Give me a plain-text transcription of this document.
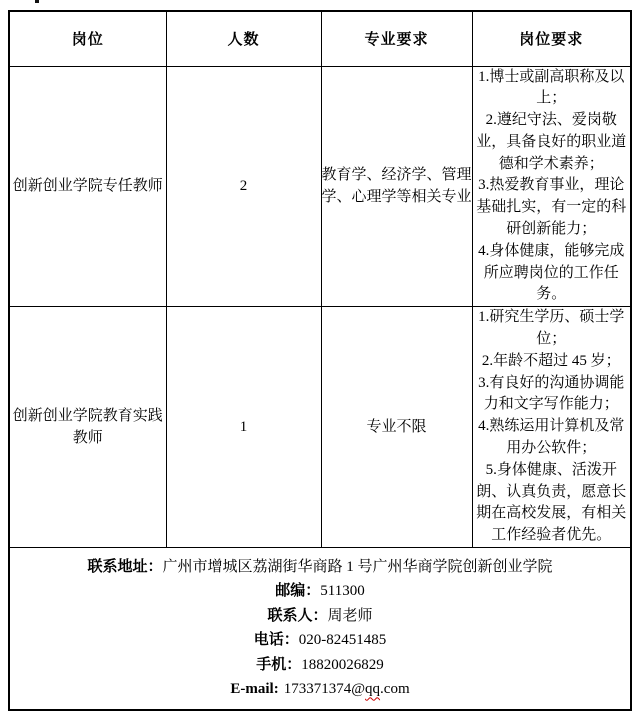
岗位	人数	专业要求	岗位要求
创新创业学院专任教师	2	教育学、经济学、管理学、心理学等相关专业	1.博士或副高职称及以上；

2.遵纪守法、爱岗敬业，具备良好的职业道德和学术素养；

3.热爱教育事业，理论基础扎实，有一定的科研创新能力；

4.身体健康，能够完成所应聘岗位的工作任务。

创新创业学院教育实践教师	1	专业不限	1.研究生学历、硕士学位；

2.年龄不超过 45 岁；

3.有良好的沟通协调能力和文字写作能力；

4.熟练运用计算机及常用办公软件；

5.身体健康、活泼开朗、认真负责，愿意长期在高校发展，有相关工作经验者优先。

联系地址：广州市增城区荔湖街华商路 1 号广州华商学院创新创业学院
邮编：511300
联系人：周老师
电话：020-82451485
手机：18820026829
E-mail: 173371374@qq.com
